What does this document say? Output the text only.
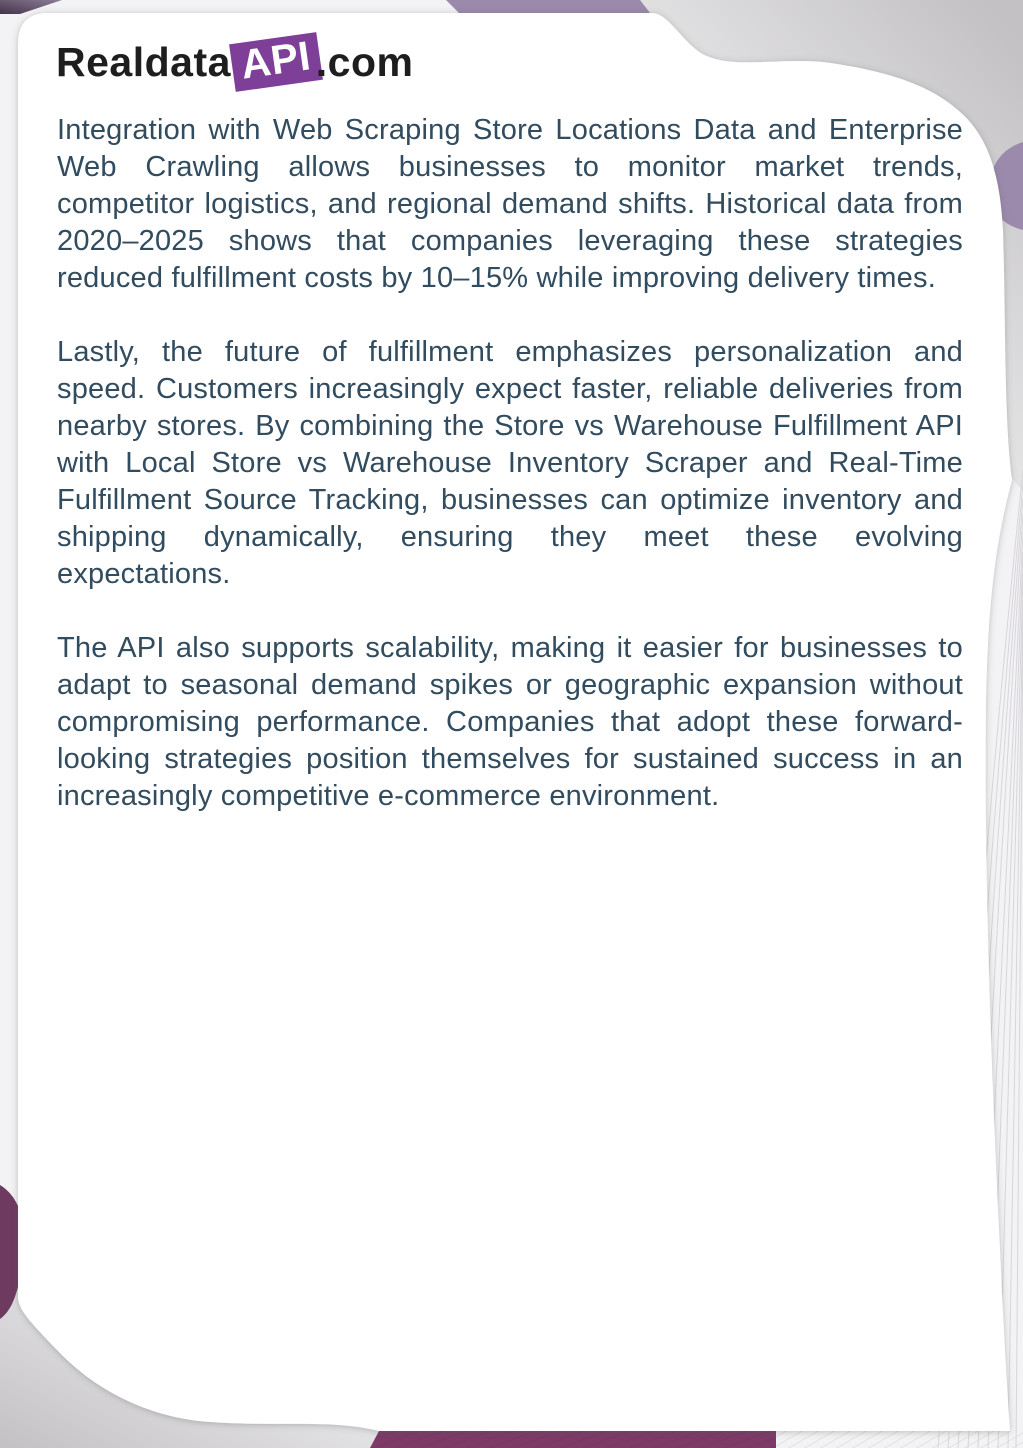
Realdata API .com

Integration with Web Scraping Store Locations Data and Enterprise Web Crawling allows businesses to monitor market trends, competitor logistics, and regional demand shifts. Historical data from 2020–2025 shows that companies leveraging these strategies reduced fulfillment costs by 10–15% while improving delivery times.

Lastly, the future of fulfillment emphasizes personalization and speed. Customers increasingly expect faster, reliable deliveries from nearby stores. By combining the Store vs Warehouse Fulfillment API with Local Store vs Warehouse Inventory Scraper and Real-Time Fulfillment Source Tracking, businesses can optimize inventory and shipping dynamically, ensuring they meet these evolving expectations.

The API also supports scalability, making it easier for businesses to adapt to seasonal demand spikes or geographic expansion without compromising performance. Companies that adopt these forward-looking strategies position themselves for sustained success in an increasingly competitive e-commerce environment.
